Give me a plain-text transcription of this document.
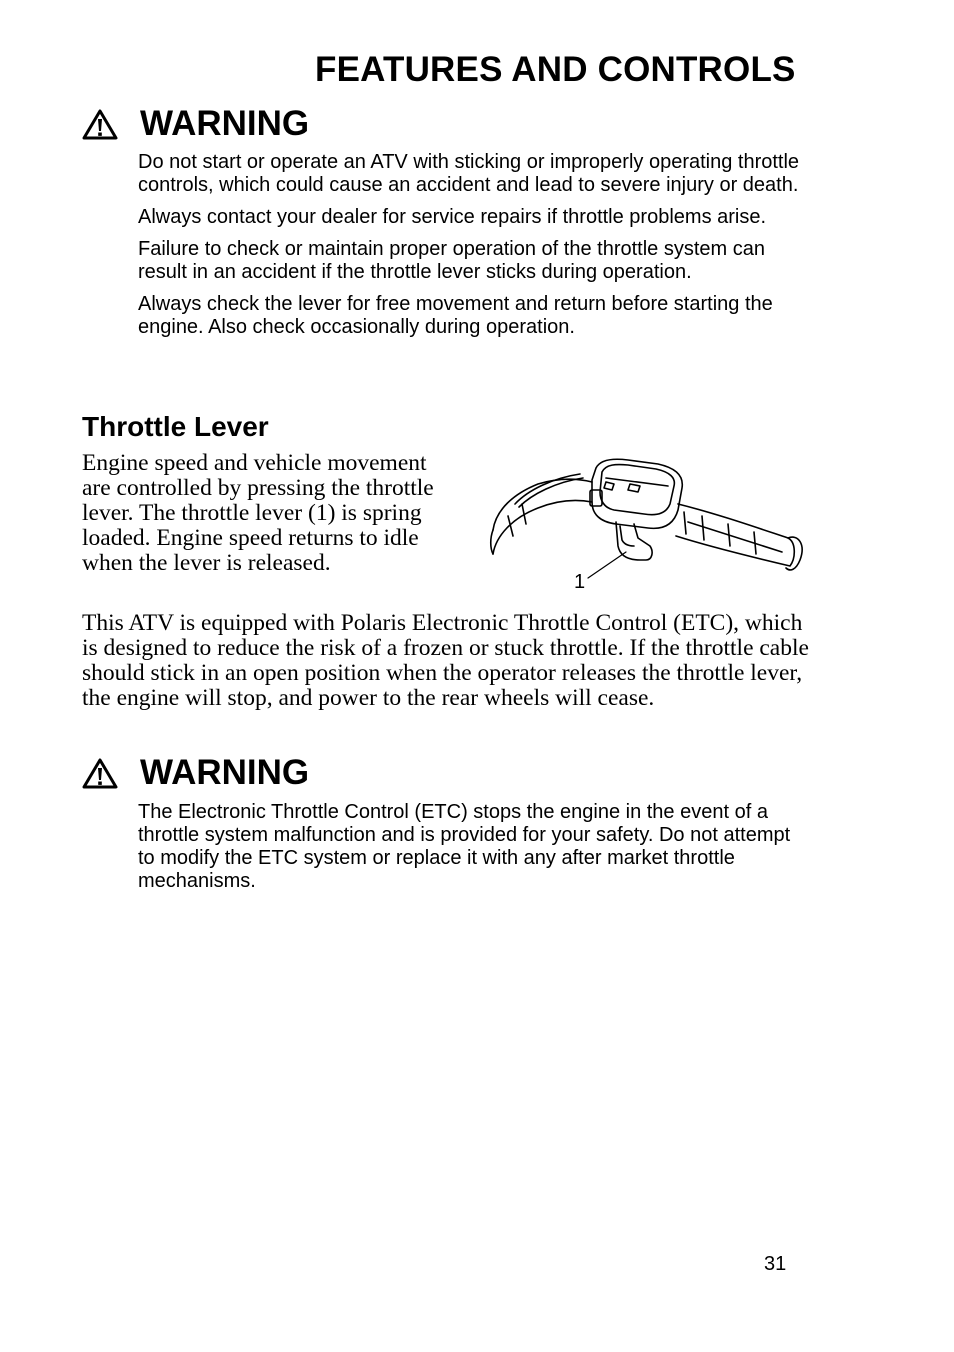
FEATURES AND CONTROLS
WARNING

Do not start or operate an ATV with sticking or improperly operating throttle controls, which could cause an accident and lead to severe injury or death.

Always contact your dealer for service repairs if throttle problems arise.

Failure to check or maintain proper operation of the throttle system can result in an accident if the throttle lever sticks during operation.

Always check the lever for free movement and return before starting the engine. Also check occasionally during operation.

Throttle Lever

Engine speed and vehicle movement are controlled by pressing the throttle lever. The throttle lever (1) is spring loaded. Engine speed returns to idle when the lever is released.

1

This ATV is equipped with Polaris Electronic Throttle Control (ETC), which is designed to reduce the risk of a frozen or stuck throttle. If the throttle cable should stick in an open position when the operator releases the throttle lever, the engine will stop, and power to the rear wheels will cease.

WARNING

The Electronic Throttle Control (ETC) stops the engine in the event of a throttle system malfunction and is provided for your safety. Do not attempt to modify the ETC system or replace it with any after market throttle mechanisms.

31
